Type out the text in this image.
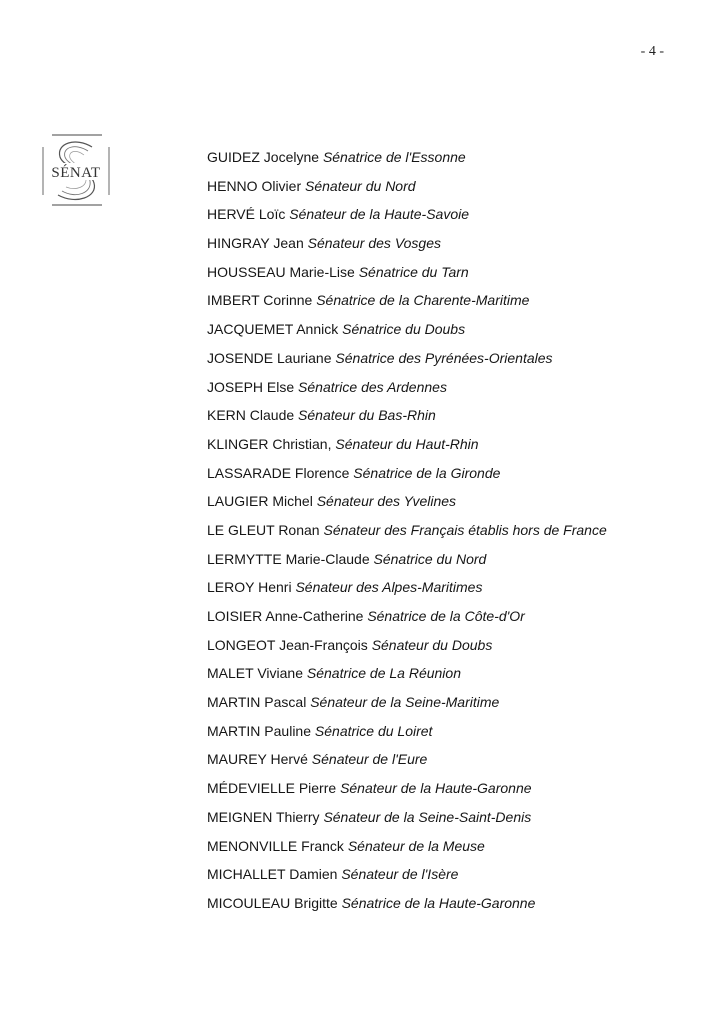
- 4 -
SÉNAT
GUIDEZ Jocelyne Sénatrice de l'Essonne
HENNO Olivier Sénateur du Nord
HERVÉ Loïc Sénateur de la Haute-Savoie
HINGRAY Jean Sénateur des Vosges
HOUSSEAU Marie-Lise Sénatrice du Tarn
IMBERT Corinne Sénatrice de la Charente-Maritime
JACQUEMET Annick Sénatrice du Doubs
JOSENDE Lauriane Sénatrice des Pyrénées-Orientales
JOSEPH Else Sénatrice des Ardennes
KERN Claude Sénateur du Bas-Rhin
KLINGER Christian, Sénateur du Haut-Rhin
LASSARADE Florence Sénatrice de la Gironde
LAUGIER Michel Sénateur des Yvelines
LE GLEUT Ronan Sénateur des Français établis hors de France
LERMYTTE Marie-Claude Sénatrice du Nord
LEROY Henri Sénateur des Alpes-Maritimes
LOISIER Anne-Catherine Sénatrice de la Côte-d'Or
LONGEOT Jean-François Sénateur du Doubs
MALET Viviane Sénatrice de La Réunion
MARTIN Pascal Sénateur de la Seine-Maritime
MARTIN Pauline Sénatrice du Loiret
MAUREY Hervé Sénateur de l'Eure
MÉDEVIELLE Pierre Sénateur de la Haute-Garonne
MEIGNEN Thierry Sénateur de la Seine-Saint-Denis
MENONVILLE Franck Sénateur de la Meuse
MICHALLET Damien Sénateur de l'Isère
MICOULEAU Brigitte Sénatrice de la Haute-Garonne
